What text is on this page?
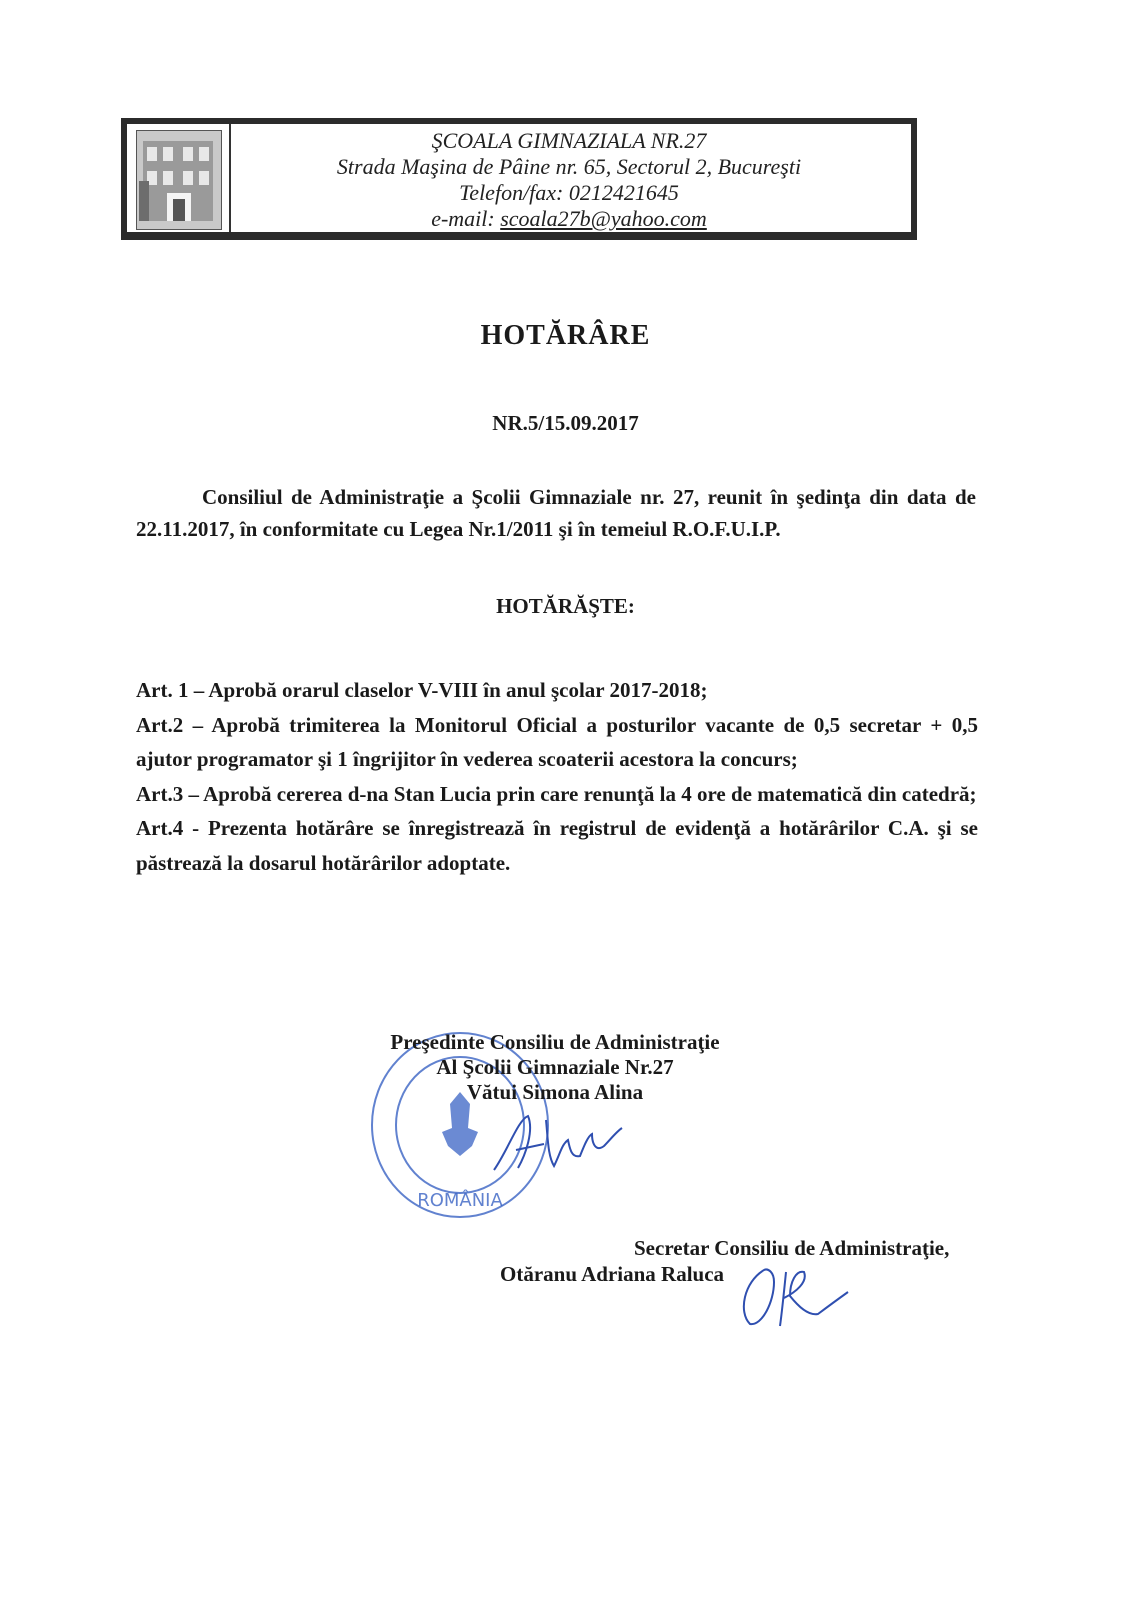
ŞCOALA GIMNAZIALA NR.27
Strada Maşina de Pâine nr. 65, Sectorul 2, Bucureşti
Telefon/fax: 0212421645
e-mail: scoala27b@yahoo.com
HOTĂRÂRE
NR.5/15.09.2017
Consiliul de Administraţie a Şcolii Gimnaziale nr. 27, reunit în şedinţa din data de 22.11.2017, în conformitate cu Legea Nr.1/2011 şi în temeiul R.O.F.U.I.P.
HOTĂRĂŞTE:

Art. 1 – Aprobă orarul claselor V-VIII în anul şcolar 2017-2018;

Art.2 – Aprobă trimiterea la Monitorul Oficial a posturilor vacante de 0,5 secretar + 0,5 ajutor programator şi 1 îngrijitor în vederea scoaterii acestora la concurs;

Art.3 – Aprobă cererea d-na Stan Lucia prin care renunţă la 4 ore de matematică din catedră;

Art.4 - Prezenta hotărâre se înregistrează în registrul de evidenţă a hotărârilor C.A. şi se păstrează la dosarul hotărârilor adoptate.

ROMÂNIA
Preşedinte Consiliu de Administraţie
Al Şcolii Gimnaziale Nr.27
Vătui Simona Alina
Secretar Consiliu de Administraţie,
Otăranu Adriana Raluca
